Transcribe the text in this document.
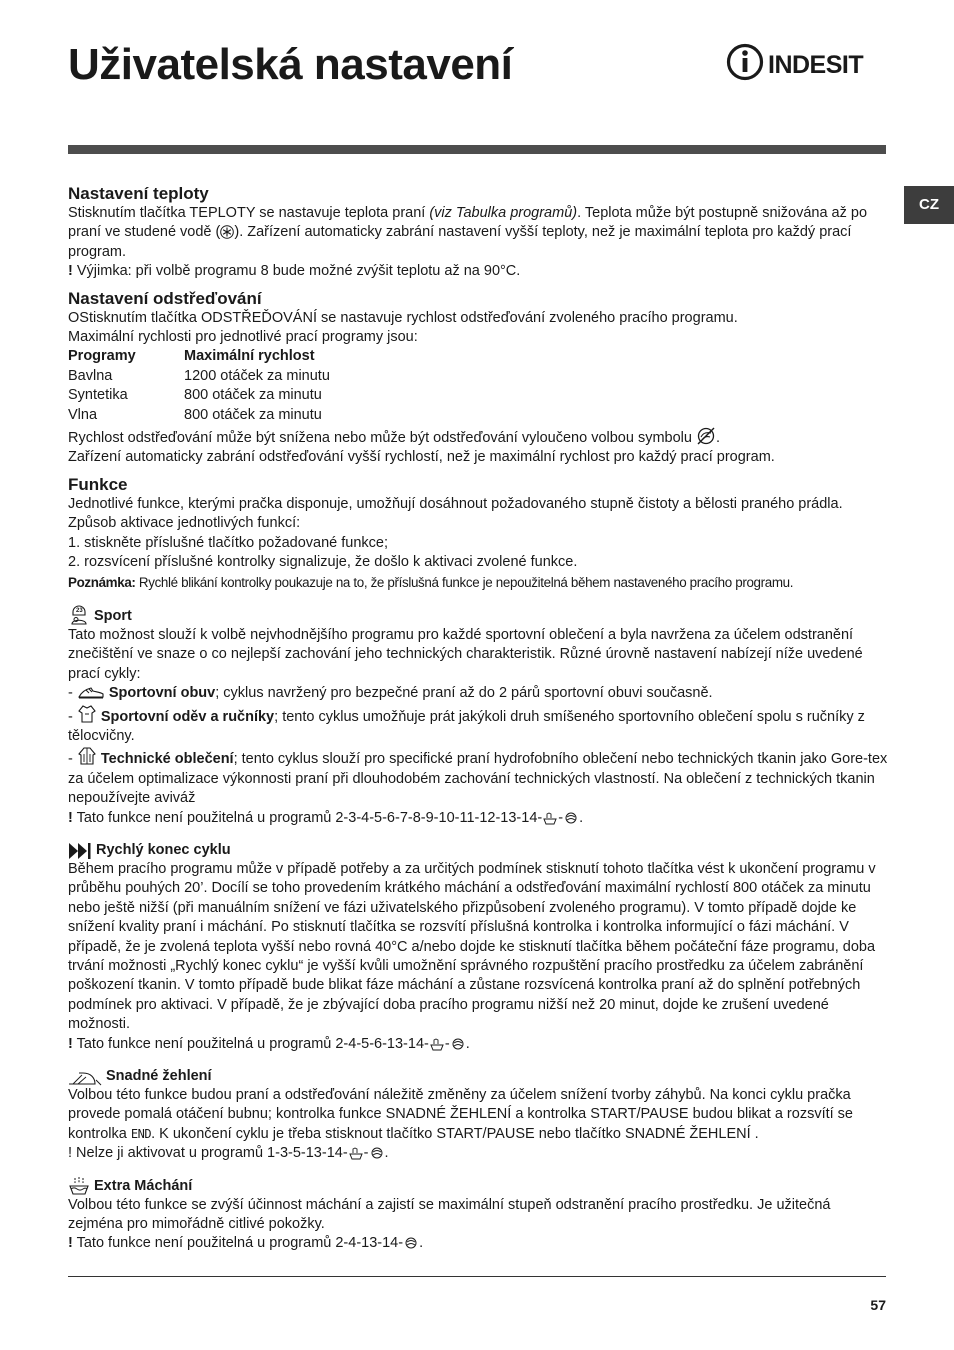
Uživatelská nastavení	INDESIT
CZ
Nastavení teploty

Stisknutím tlačítka TEPLOTY se nastavuje teplota praní (viz Tabulka programů). Teplota může být postupně snižována až po praní ve studené vodě ( ). Zařízení automaticky zabrání nastavení vyšší teploty, než je maximální teplota pro každý prací program.

! Výjimka: při volbě programu 8 bude možné zvýšit teplotu až na 90°C.

Nastavení odstřeďování

OStisknutím tlačítka ODSTŘEĎOVÁNÍ se nastavuje rychlost odstřeďování zvoleného pracího programu.

Maximální rychlosti pro jednotlivé prací programy jsou:

Programy	Maximální rychlost
Bavlna	1200 otáček za minutu
Syntetika	800 otáček za minutu
Vlna	800 otáček za minutu

Rychlost odstřeďování může být snížena nebo může být odstřeďování vyloučeno volbou symbolu .

Zařízení automaticky zabrání odstřeďování vyšší rychlostí, než je maximální rychlost pro každý prací program.

Funkce

Jednotlivé funkce, kterými pračka disponuje, umožňují dosáhnout požadovaného stupně čistoty a bělosti praného prádla.

Způsob aktivace jednotlivých funkcí:

1. stiskněte příslušné tlačítko požadované funkce;

2. rozsvícení příslušné kontrolky signalizuje, že došlo k aktivaci zvolené funkce.

Poznámka: Rychlé blikání kontrolky poukazuje na to, že příslušná funkce je nepoužitelná během nastaveného pracího programu.

23 Sport

Tato možnost slouží k volbě nejvhodnějšího programu pro každé sportovní oblečení a byla navržena za účelem odstranění znečištění ve snaze o co nejlepší zachování jeho technických charakteristik. Různé úrovně nastavení nabízejí níže uvedené prací cykly:

-  Sportovní obuv; cyklus navržený pro bezpečné praní až do 2 párů sportovní obuvi současně.

-  Sportovní oděv a ručníky; tento cyklus umožňuje prát jakýkoli druh smíšeného sportovního oblečení spolu s ručníky z tělocvičny.

-  Technické oblečení; tento cyklus slouží pro specifické praní hydrofobního oblečení nebo technických tkanin jako Gore-tex za účelem optimalizace výkonnosti praní při dlouhodobém zachování technických vlastností. Na oblečení z technických tkanin nepoužívejte aviváž

! Tato funkce není použitelná u programů 2-3-4-5-6-7-8-9-10-11-12-13-14- - .

Rychlý konec cyklu

Během pracího programu může v případě potřeby a za určitých podmínek stisknutí tohoto tlačítka vést k ukončení programu v průběhu pouhých 20’. Docílí se toho provedením krátkého máchání a odstřeďování maximální rychlostí 800 otáček za minutu nebo ještě nižší (při manuálním snížení ve fázi uživatelského přizpůsobení zvoleného programu). V tomto případě dojde ke snížení kvality praní i máchání. Po stisknutí tlačítka se rozsvítí příslušná kontrolka i kontrolka informující o fázi máchání. V případě, že je zvolená teplota vyšší nebo rovná 40°C a/nebo dojde ke stisknutí tlačítka během počáteční fáze programu, doba trvání možnosti „Rychlý konec cyklu“ je vyšší kvůli umožnění správného rozpuštění pracího prostředku za účelem zabránění poškození tkanin. V tomto případě bude blikat fáze máchání a zůstane rozsvícená kontrolka praní až do splnění potřebných podmínek pro aktivaci. V případě, že je zbývající doba pracího programu nižší než 20 minut, dojde ke zrušení uvedené možnosti.

! Tato funkce není použitelná u programů 2-4-5-6-13-14- - .

Snadné žehlení

Volbou této funkce budou praní a odstřeďování náležitě změněny za účelem snížení tvorby záhybů. Na konci cyklu pračka provede pomalá otáčení bubnu; kontrolka funkce SNADNÉ ŽEHLENÍ a kontrolka START/PAUSE budou blikat a rozsvítí se kontrolka END. K ukončení cyklu je třeba stisknout tlačítko START/PAUSE nebo tlačítko SNADNÉ ŽEHLENÍ .

! Nelze ji aktivovat u programů 1-3-5-13-14- - .

Extra Máchání

Volbou této funkce se zvýší účinnost máchání a zajistí se maximální stupeň odstranění pracího prostředku. Je užitečná zejména pro mimořádně citlivé pokožky.

! Tato funkce není použitelná u programů 2-4-13-14- .

57
